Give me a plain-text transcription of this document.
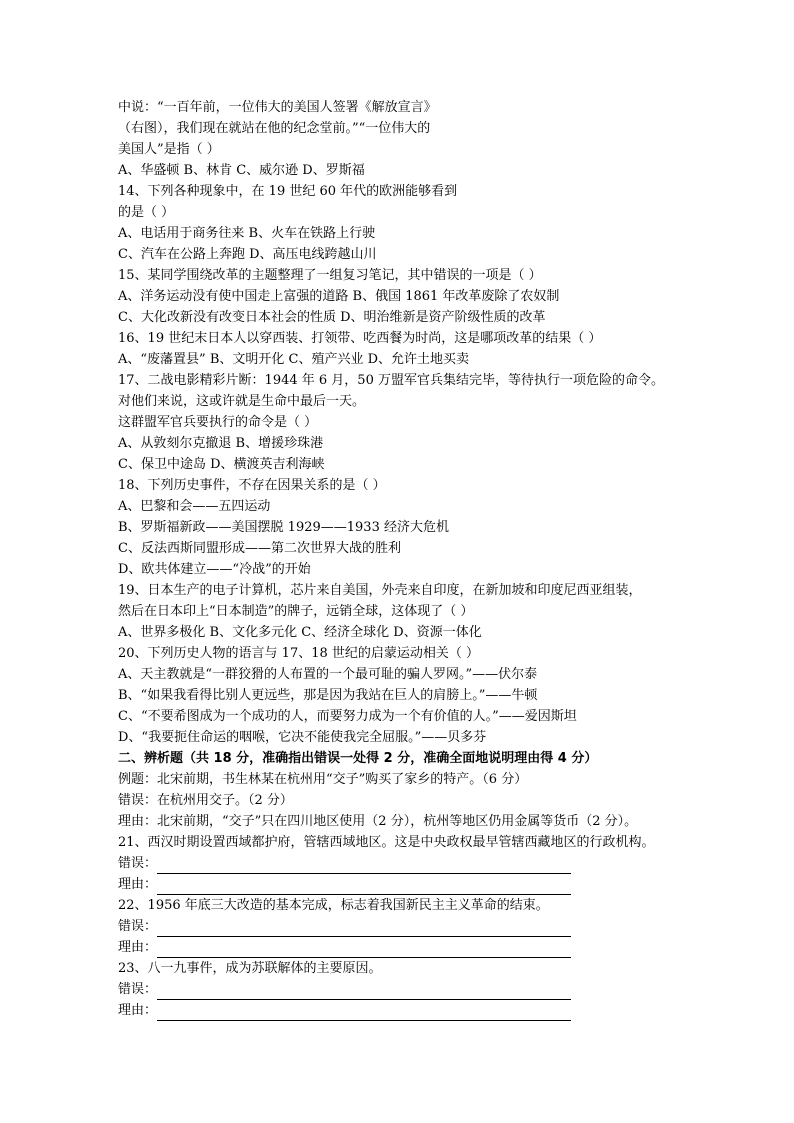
中说：“一百年前，一位伟大的美国人签署《解放宣言》
（右图），我们现在就站在他的纪念堂前。”“一位伟大的
美国人”是指（ ）
A、华盛顿 B、林肯 C、威尔逊 D、罗斯福
14、下列各种现象中，在 19 世纪 60 年代的欧洲能够看到
的是（ ）
A、电话用于商务往来 B、火车在铁路上行驶
C、汽车在公路上奔跑 D、高压电线跨越山川
15、某同学围绕改革的主题整理了一组复习笔记，其中错误的一项是（ ）
A、洋务运动没有使中国走上富强的道路 B、俄国 1861 年改革废除了农奴制
C、大化改新没有改变日本社会的性质 D、明治维新是资产阶级性质的改革
16、19 世纪末日本人以穿西装、打领带、吃西餐为时尚，这是哪项改革的结果（ ）
A、“废藩置县” B、文明开化 C、殖产兴业 D、允许土地买卖
17、二战电影精彩片断：1944 年 6 月，50 万盟军官兵集结完毕，等待执行一项危险的命令。
对他们来说，这或许就是生命中最后一天。
这群盟军官兵要执行的命令是（ ）
A、从敦刻尔克撤退 B、增援珍珠港
C、保卫中途岛 D、横渡英吉利海峡
18、下列历史事件，不存在因果关系的是（ ）
A、巴黎和会——五四运动
B、罗斯福新政——美国摆脱 1929——1933 经济大危机
C、反法西斯同盟形成——第二次世界大战的胜利
D、欧共体建立——“冷战”的开始
19、日本生产的电子计算机，芯片来自美国，外壳来自印度，在新加坡和印度尼西亚组装，
然后在日本印上“日本制造”的牌子，远销全球，这体现了（ ）
A、世界多极化 B、文化多元化 C、经济全球化 D、资源一体化
20、下列历史人物的语言与 17、18 世纪的启蒙运动相关（ ）
A、天主教就是“一群狡猾的人布置的一个最可耻的骗人罗网。”——伏尔泰
B、“如果我看得比别人更远些，那是因为我站在巨人的肩膀上。”——牛顿
C、“不要希图成为一个成功的人，而要努力成为一个有价值的人。”——爱因斯坦
D、“我要扼住命运的咽喉，它决不能使我完全屈服。”——贝多芬
二、辨析题（共 18 分，准确指出错误一处得 2 分，准确全面地说明理由得 4 分）
例题：北宋前期，书生林某在杭州用“交子”购买了家乡的特产。（6 分）
错误：在杭州用交子。（2 分）
理由：北宋前期，“交子”只在四川地区使用（2 分），杭州等地区仍用金属等货币（2 分）。
21、西汉时期设置西域都护府，管辖西域地区。这是中央政权最早管辖西藏地区的行政机构。
错误：
理由：
22、1956 年底三大改造的基本完成，标志着我国新民主主义革命的结束。
错误：
理由：
23、八一九事件，成为苏联解体的主要原因。
错误：
理由：
